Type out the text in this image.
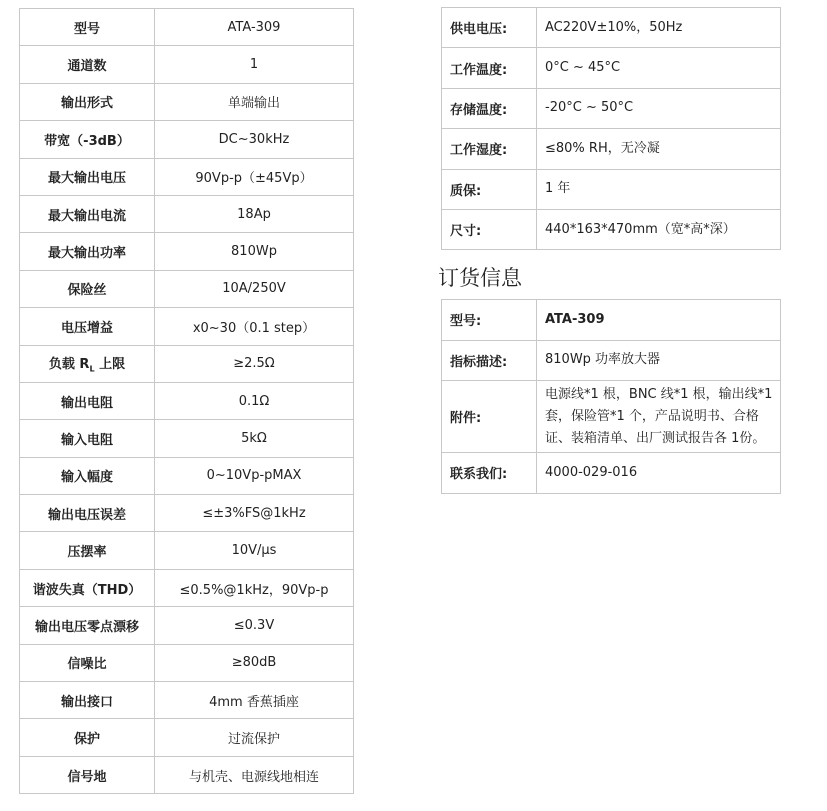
型号	ATA-309
通道数	1
输出形式	单端输出
带宽（-3dB）	DC~30kHz
最大输出电压	90Vp-p（±45Vp）
最大输出电流	18Ap
最大输出功率	810Wp
保险丝	10A/250V
电压增益	x0~30（0.1 step）
负载 $R_L$ 上限	≥2.5Ω
输出电阻	0.1Ω
输入电阻	5kΩ
输入幅度	0~10Vp-pMAX
输出电压误差	≤±3%FS@1kHz
压摆率	10V/μs
谐波失真（THD）	≤0.5%@1kHz，90Vp-p
输出电压零点漂移	≤0.3V
信噪比	≥80dB
输出接口	4mm 香蕉插座
保护	过流保护
信号地	与机壳、电源线地相连
供电电压:	AC220V±10%，50Hz
工作温度:	0°C ~ 45°C
存储温度:	-20°C ~ 50°C
工作湿度:	≤80% RH，无冷凝
质保:	1 年
尺寸:	440*163*470mm（宽*高*深）
订货信息
型号:	ATA-309
指标描述:	810Wp 功率放大器
附件:	电源线*1 根，BNC 线*1 根，输出线*1 套，保险管*1 个，产品说明书、合格证、装箱清单、出厂测试报告各 1份。
联系我们:	4000-029-016
